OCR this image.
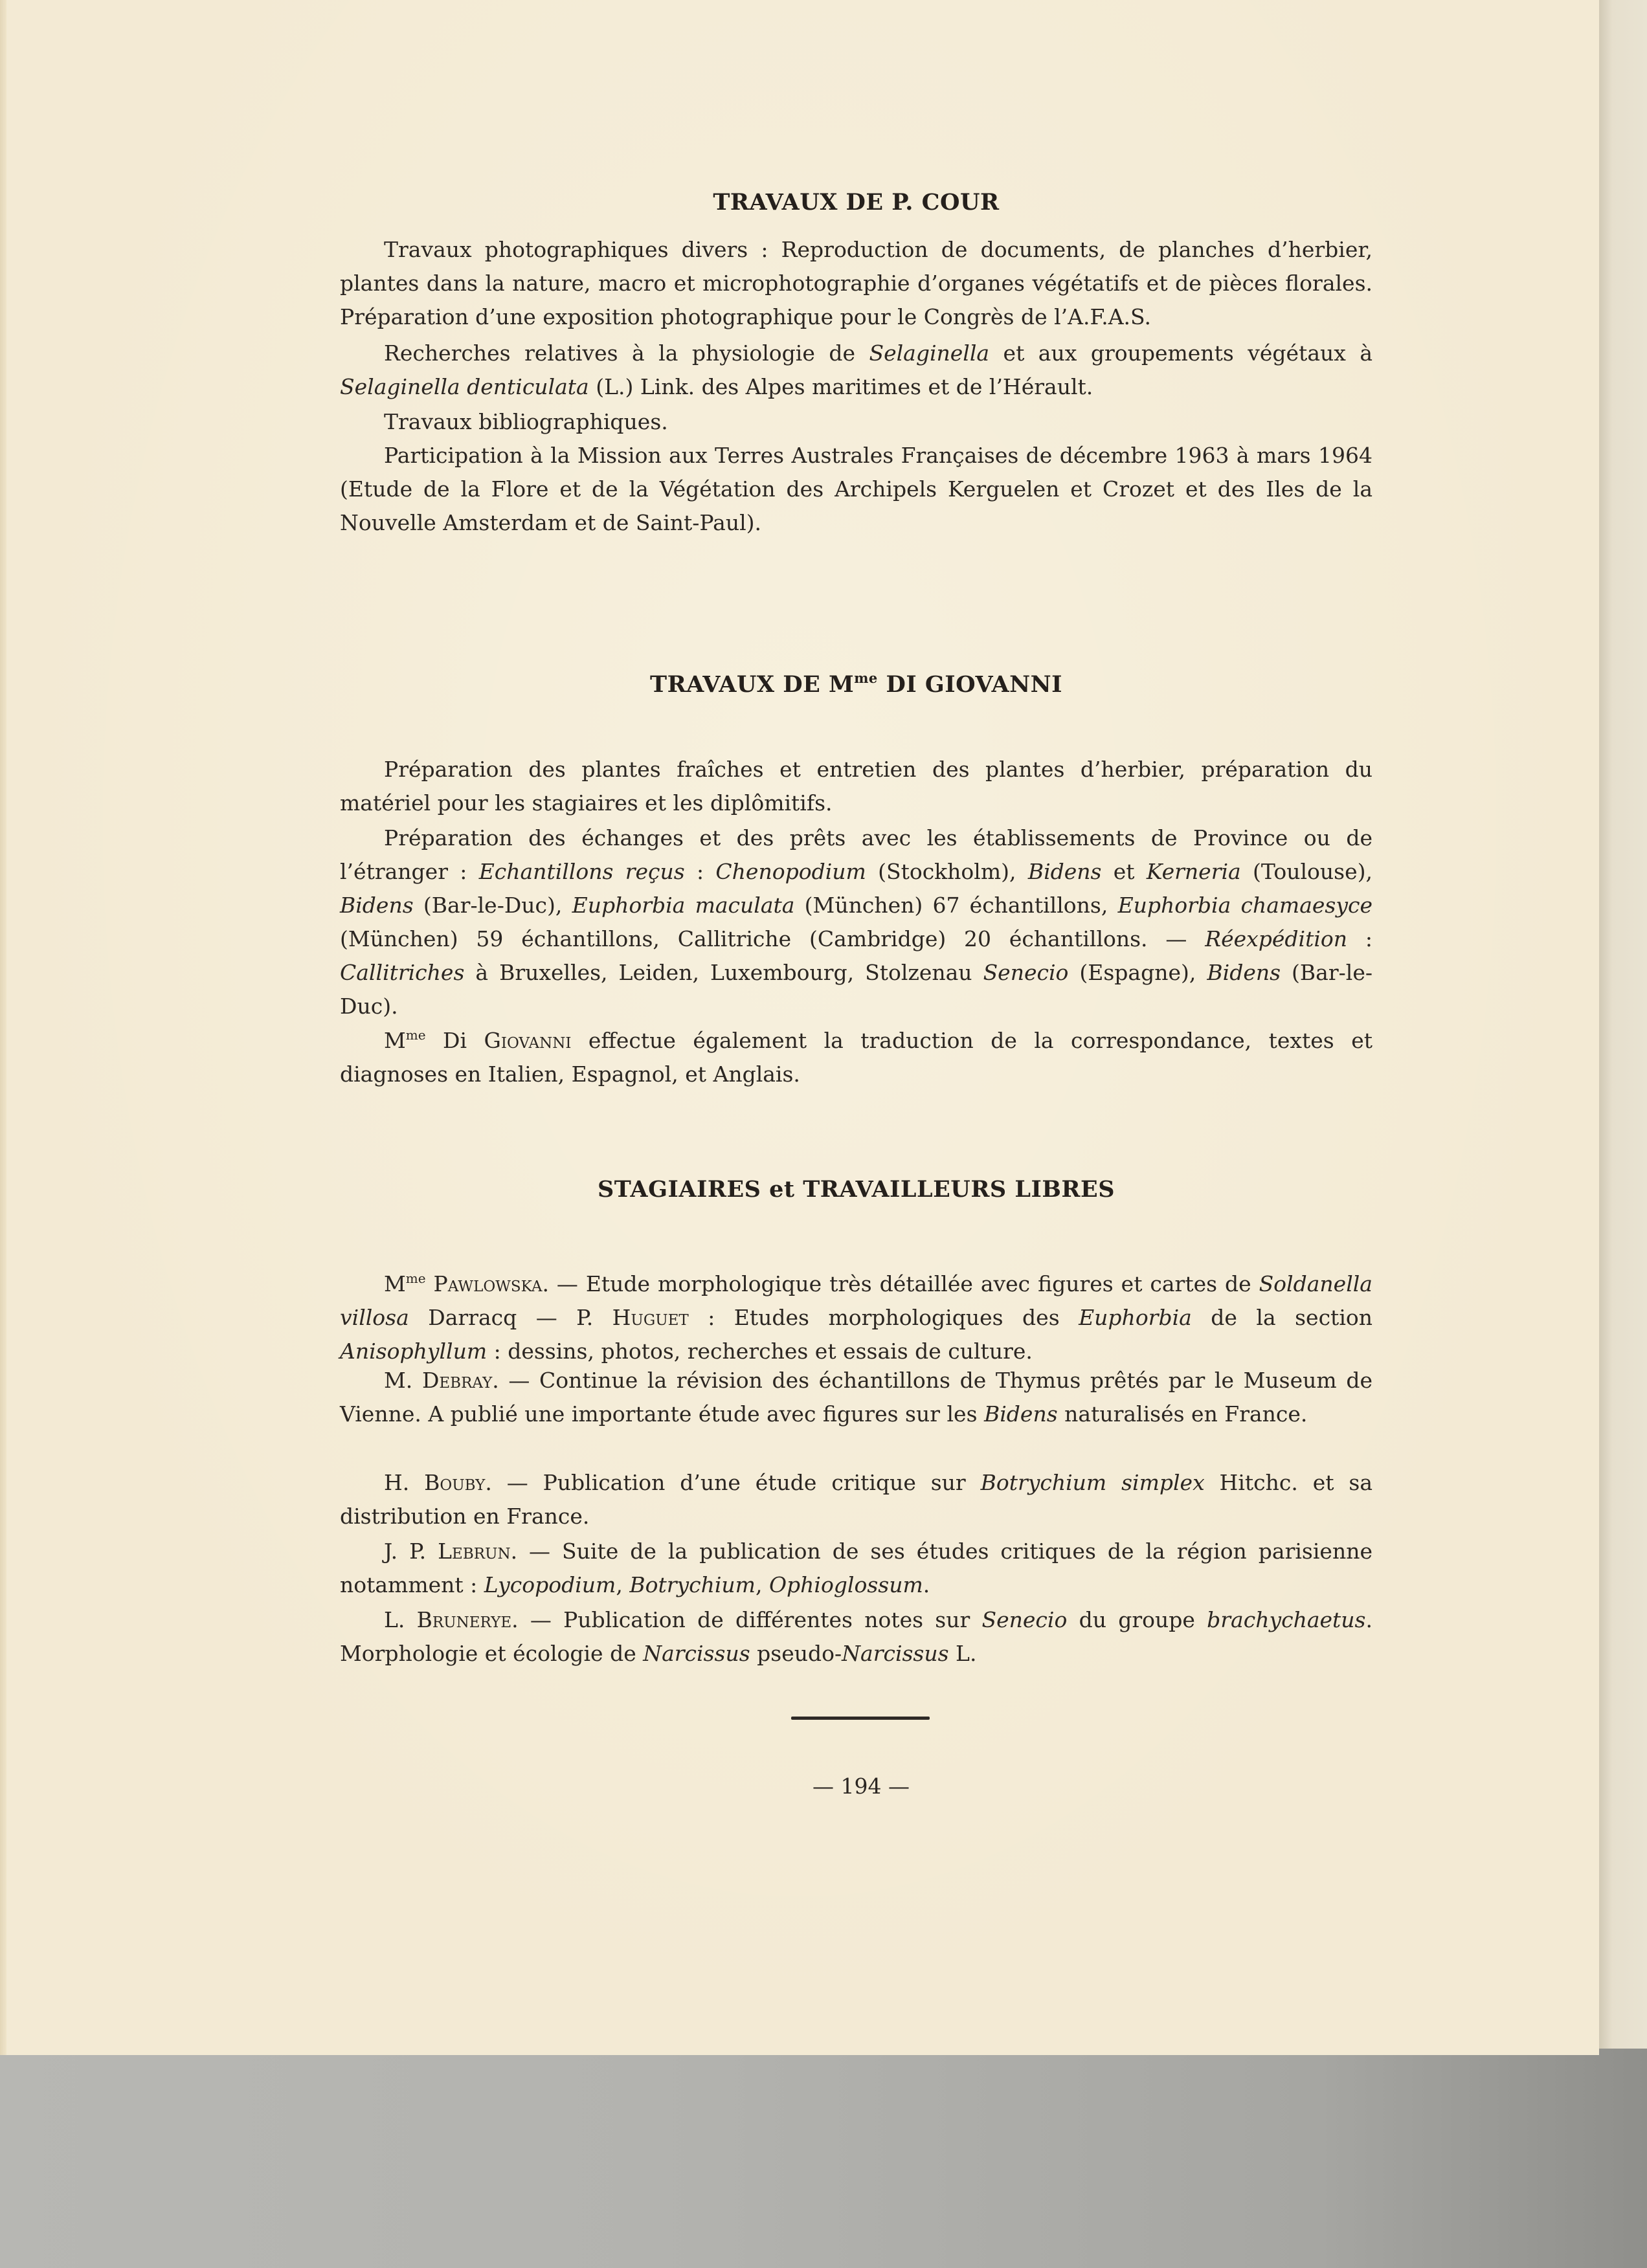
TRAVAUX DE P. COUR

Travaux photographiques divers : Reproduction de documents, de planches d’herbier, plantes dans la nature, macro et microphotographie d’organes végétatifs et de pièces florales. Préparation d’une exposition photographique pour le Congrès de l’A.F.A.S.

Recherches relatives à la physiologie de Selaginella et aux groupements végétaux à Selaginella denticulata (L.) Link. des Alpes maritimes et de l’Hérault.

Travaux bibliographiques.

Participation à la Mission aux Terres Australes Françaises de décembre 1963 à mars 1964 (Etude de la Flore et de la Végétation des Archipels Kerguelen et Crozet et des Iles de la Nouvelle Amsterdam et de Saint-Paul).

TRAVAUX DE $M^{me}$ DI GIOVANNI

Préparation des plantes fraîches et entretien des plantes d’herbier, préparation du matériel pour les stagiaires et les diplômitifs.

Préparation des échanges et des prêts avec les établissements de Province ou de l’étranger : Echantillons reçus : Chenopodium (Stockholm), Bidens et Kerneria (Toulouse), Bidens (Bar-le-Duc), Euphorbia maculata (München) 67 échantillons, Euphorbia chamaesyce (München) 59 échantillons, Callitriche (Cambridge) 20 échantillons. — Réexpédition : Callitriches à Bruxelles, Leiden, Luxembourg, Stolzenau Senecio (Espagne), Bidens (Bar-le-Duc).

$M^{me}$ Di Giovanni effectue également la traduction de la correspondance, textes et diagnoses en Italien, Espagnol, et Anglais.

STAGIAIRES et TRAVAILLEURS LIBRES

$M^{me}$ Pawlowska. — Etude morphologique très détaillée avec figures et cartes de Soldanella villosa Darracq — P. Huguet : Etudes morphologiques des Euphorbia de la section Anisophyllum : dessins, photos, recherches et essais de culture.

M. Debray. — Continue la révision des échantillons de Thymus prêtés par le Museum de Vienne. A publié une importante étude avec figures sur les Bidens naturalisés en France.

H. Bouby. — Publication d’une étude critique sur Botrychium simplex Hitchc. et sa distribution en France.

J. P. Lebrun. — Suite de la publication de ses études critiques de la région parisienne notamment : Lycopodium, Botrychium, Ophioglossum.

L. Brunerye. — Publication de différentes notes sur Senecio du groupe brachychaetus. Morphologie et écologie de Narcissus pseudo-Narcissus L.

— 194 —
